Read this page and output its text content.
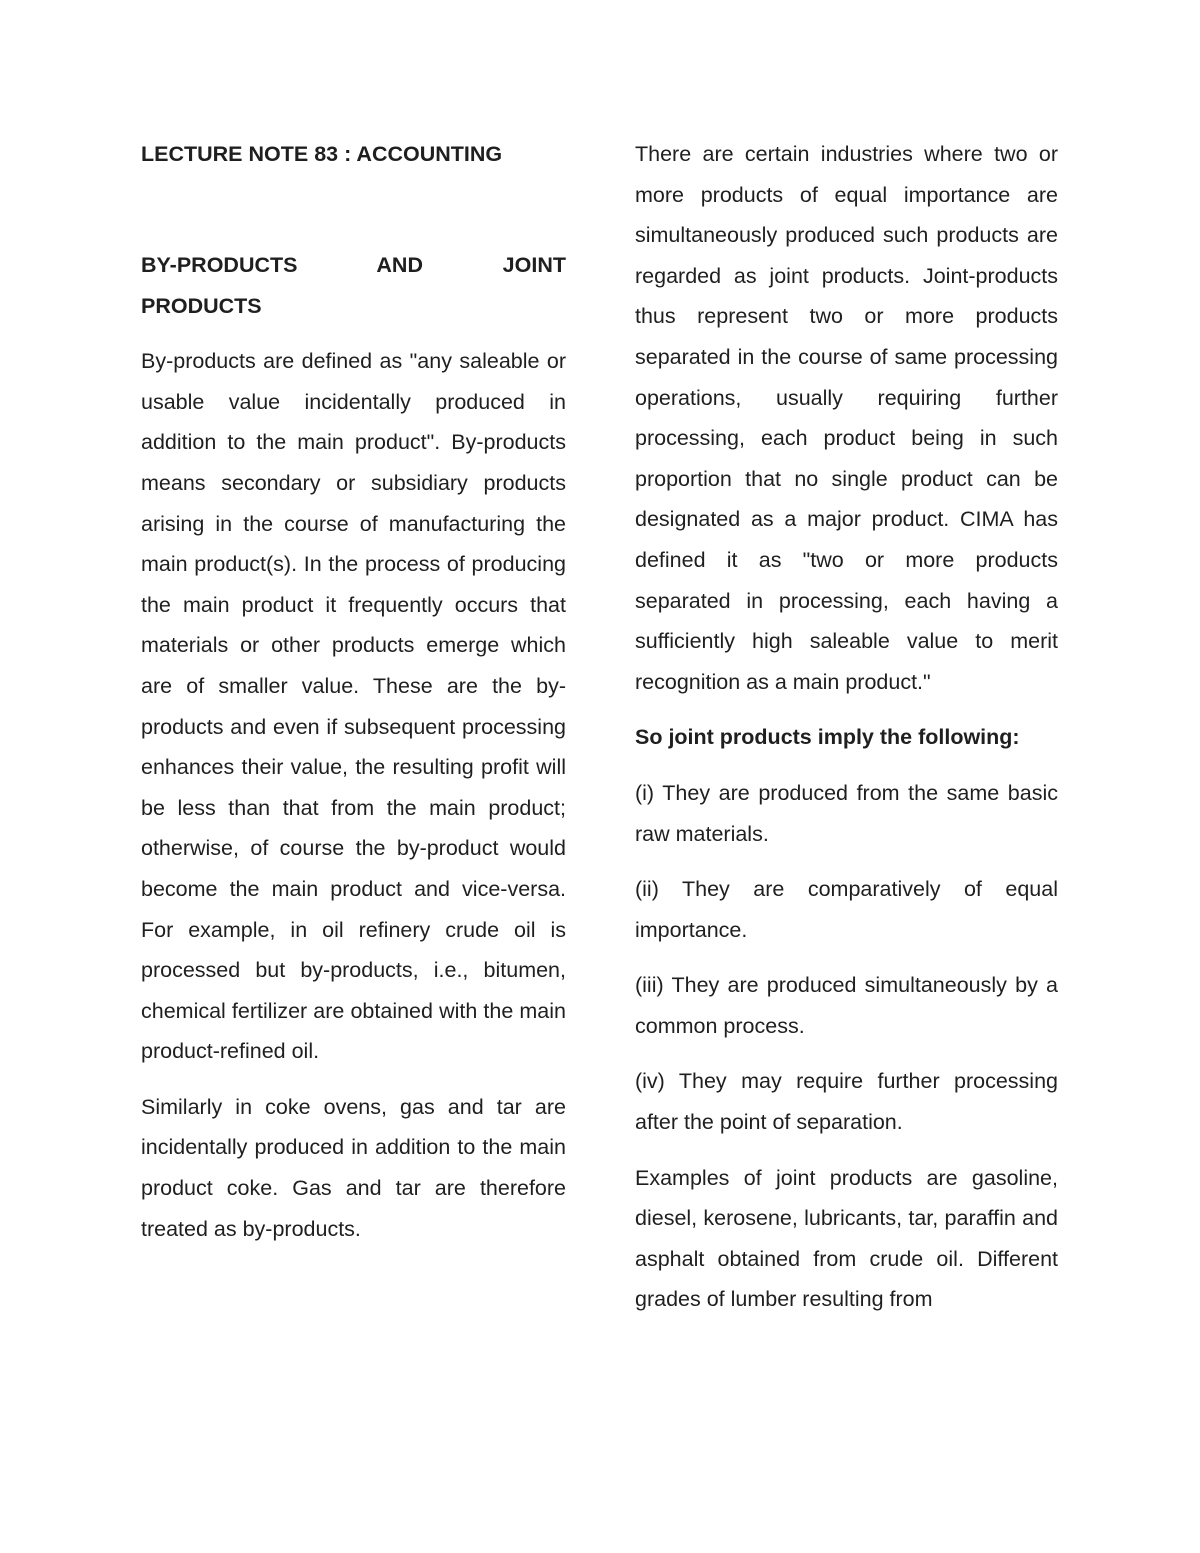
LECTURE NOTE 83 : ACCOUNTING

BY-PRODUCTS AND JOINT
PRODUCTS

By-products are defined as "any saleable or usable value incidentally produced in addition to the main product". By-products means secondary or subsidiary products arising in the course of manufacturing the main product(s). In the process of producing the main product it frequently occurs that materials or other products emerge which are of smaller value. These are the by-products and even if subsequent processing enhances their value, the resulting profit will be less than that from the main product; otherwise, of course the by-product would become the main product and vice-versa. For example, in oil refinery crude oil is processed but by-products, i.e., bitumen, chemical fertilizer are obtained with the main product-refined oil.

Similarly in coke ovens, gas and tar are incidentally produced in addition to the main product coke. Gas and tar are therefore treated as by-products.

There are certain industries where two or more products of equal importance are simultaneously produced such products are regarded as joint products. Joint-products thus represent two or more products separated in the course of same processing operations, usually requiring further processing, each product being in such proportion that no single product can be designated as a major product. CIMA has defined it as "two or more products separated in processing, each having a sufficiently high saleable value to merit recognition as a main product."

So joint products imply the following:

(i) They are produced from the same basic raw materials.

(ii) They are comparatively of equal importance.

(iii) They are produced simultaneously by a common process.

(iv) They may require further processing after the point of separation.

Examples of joint products are gasoline, diesel, kerosene, lubricants, tar, paraffin and asphalt obtained from crude oil. Different grades of lumber resulting from
